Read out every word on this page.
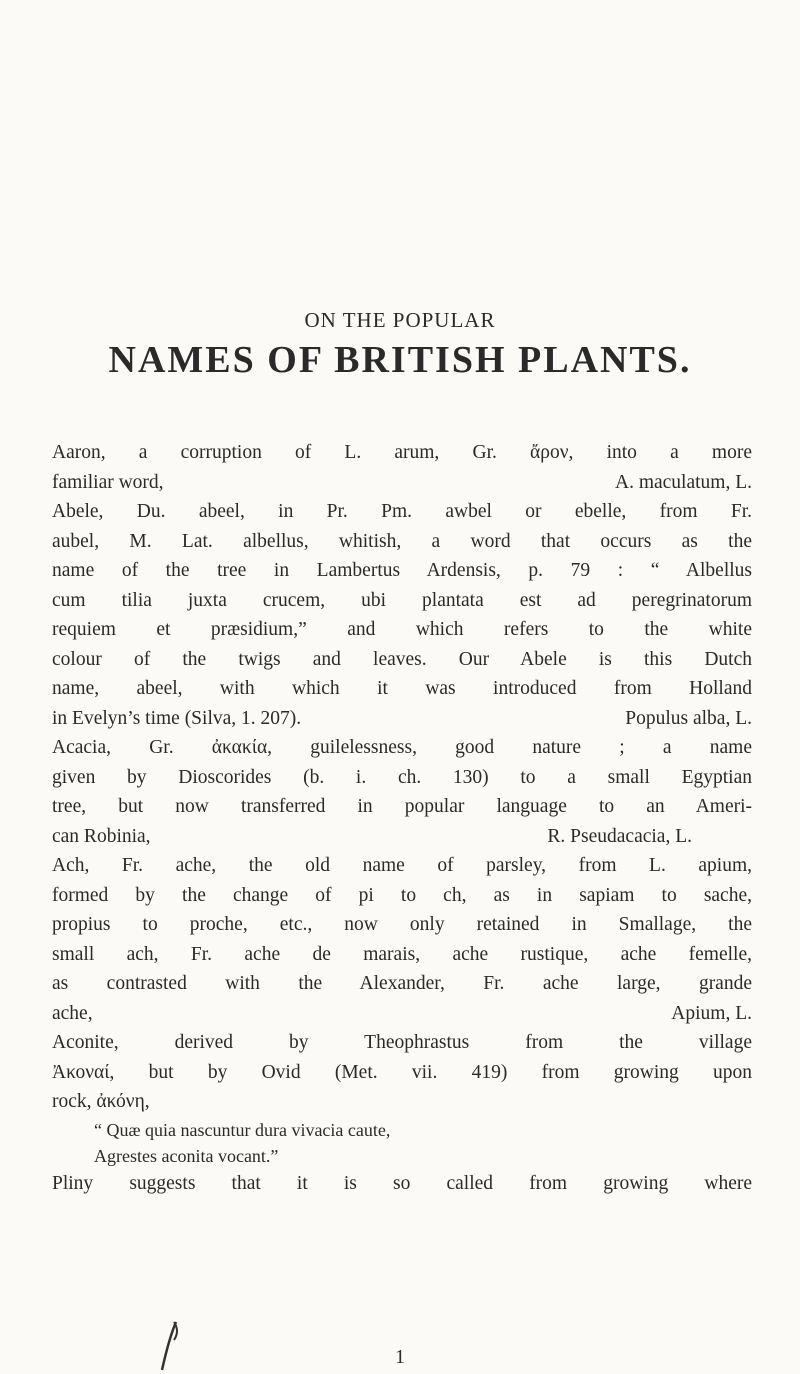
ON THE POPULAR
NAMES OF BRITISH PLANTS.
Aaron, a corruption of L. arum, Gr. ἄρον, into a more
familiar word,	A. maculatum, L.
Abele, Du. abeel, in Pr. Pm. awbel or ebelle, from Fr.
aubel, M. Lat. albellus, whitish, a word that occurs as the
name of the tree in Lambertus Ardensis, p. 79 : “ Albellus
cum tilia juxta crucem, ubi plantata est ad peregrinatorum
requiem et præsidium,” and which refers to the white
colour of the twigs and leaves. Our Abele is this Dutch
name, abeel, with which it was introduced from Holland
in Evelyn’s time (Silva, 1. 207).	Populus alba, L.
Acacia, Gr. ἀκακία, guilelessness, good nature ; a name
given by Dioscorides (b. i. ch. 130) to a small Egyptian
tree, but now transferred in popular language to an Ameri-
can Robinia,	R. Pseudacacia, L.
Ach, Fr. ache, the old name of parsley, from L. apium,
formed by the change of pi to ch, as in sapiam to sache,
propius to proche, etc., now only retained in Smallage, the
small ach, Fr. ache de marais, ache rustique, ache femelle,
as contrasted with the Alexander, Fr. ache large, grande
ache,	Apium, L.
Aconite, derived by Theophrastus from the village
Ἀκοναί, but by Ovid (Met. vii. 419) from growing upon
rock, ἀκόνη,
“ Quæ quia nascuntur dura vivacia caute,
Agrestes aconita vocant.”
Pliny suggests that it is so called from growing where
1
